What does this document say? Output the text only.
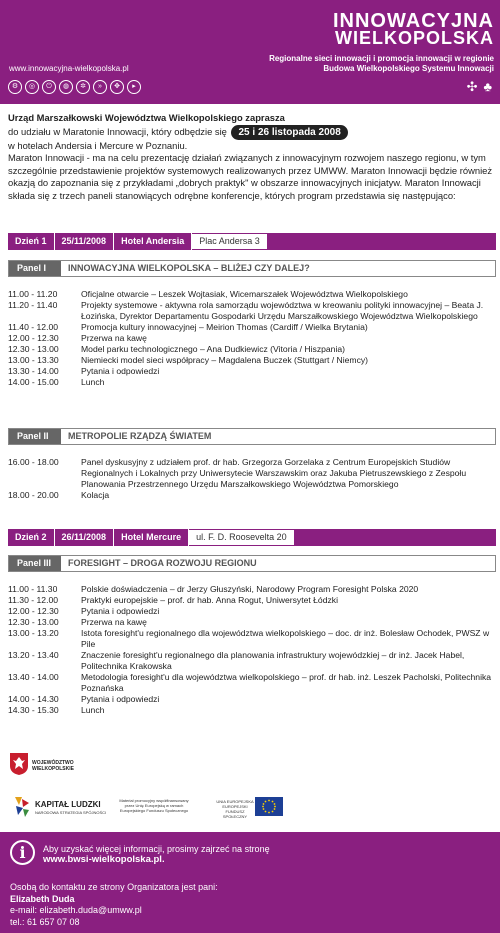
INNOWACYJNA
WIELKOPOLSKA
Regionalne sieci innowacji i promocja innowacji w regionie
Budowa Wielkopolskiego Systemu Innowacji
www.innowacyjna-wielkopolska.pl
⚙	◎	⏻	◍	✲	»	✥	▸	✣ ♣
Urząd Marszałkowski Województwa Wielkopolskiego zaprasza
do udziału w Maratonie Innowacji, który odbędzie się 25 i 26 listopada 2008
w hotelach Andersia i Mercure w Poznaniu.
Maraton Innowacji - ma na celu prezentację działań związanych z innowacyjnym rozwojem naszego regionu, w tym szczególnie przedstawienie projektów systemowych realizowanych przez UMWW. Maraton Innowacji będzie również okazją do zapoznania się z przykładami „dobrych praktyk" w obszarze innowacyjnych inicjatyw. Maraton Innowacji składa się z trzech paneli stanowiących odrębne konferencje, których program przedstawia się następująco:
Dzień 1	25/11/2008	Hotel Andersia	Plac Andersa 3
Panel I	INNOWACYJNA WIELKOPOLSKA – BLIŻEJ CZY DALEJ?
11.00 - 11.20	Oficjalne otwarcie – Leszek Wojtasiak, Wicemarszałek Województwa Wielkopolskiego
11.20 - 11.40	Projekty systemowe - aktywna rola samorządu województwa w kreowaniu polityki innowacyjnej – Beata J. Łozińska, Dyrektor Departamentu Gospodarki Urzędu Marszałkowskiego Województwa Wielkopolskiego
11.40 - 12.00	Promocja kultury innowacyjnej – Meirion Thomas (Cardiff / Wielka Brytania)
12.00 - 12.30	Przerwa na kawę
12.30 - 13.00	Model parku technologicznego – Ana Dudkiewicz (Vitoria / Hiszpania)
13.00 - 13.30	Niemiecki model sieci współpracy – Magdalena Buczek (Stuttgart / Niemcy)
13.30 - 14.00	Pytania i odpowiedzi
14.00 - 15.00	Lunch
Panel II	METROPOLIE RZĄDZĄ ŚWIATEM
16.00 - 18.00	Panel dyskusyjny z udziałem prof. dr hab. Grzegorza Gorzelaka z Centrum Europejskich Studiów Regionalnych i Lokalnych przy Uniwersytecie Warszawskim oraz Jakuba Pietruszewskiego z Zespołu Planowania Przestrzennego Urzędu Marszałkowskiego Województwa Pomorskiego
18.00 - 20.00	Kolacja
Dzień 2	26/11/2008	Hotel Mercure	ul. F. D. Roosevelta 20
Panel III	FORESIGHT – DROGA ROZWOJU REGIONU
11.00 - 11.30	Polskie doświadczenia – dr Jerzy Głuszyński, Narodowy Program Foresight Polska 2020
11.30 - 12.00	Praktyki europejskie – prof. dr hab. Anna Rogut, Uniwersytet Łódzki
12.00 - 12.30	Pytania i odpowiedzi
12.30 - 13.00	Przerwa na kawę
13.00 - 13.20	Istota foresight'u regionalnego dla województwa wielkopolskiego – doc. dr inż. Bolesław Ochodek, PWSZ w Pile
13.20 - 13.40	Znaczenie foresight'u regionalnego dla planowania infrastruktury wojewódzkiej – dr inż. Jacek Habel, Politechnika Krakowska
13.40 - 14.00	Metodologia foresight'u dla województwa wielkopolskiego – prof. dr hab. inż. Leszek Pacholski, Politechnika Poznańska
14.00 - 14.30	Pytania i odpowiedzi
14.30 - 15.30	Lunch
WOJEWÓDZTWO WIELKOPOLSKIE
KAPITAŁ LUDZKI
NARODOWA STRATEGIA SPÓJNOŚCI
Materiał promocyjny współfinansowany przez Unię Europejską w ramach Europejskiego Funduszu Społecznego
UNIA EUROPEJSKA EUROPEJSKI FUNDUSZ SPOŁECZNY
i	Aby uzyskać więcej informacji, prosimy zajrzeć na stronę
www.bwsi-wielkopolska.pl.
Osobą do kontaktu ze strony Organizatora jest pani:
Elizabeth Duda
e-mail: elizabeth.duda@umww.pl
tel.: 61 657 07 08
